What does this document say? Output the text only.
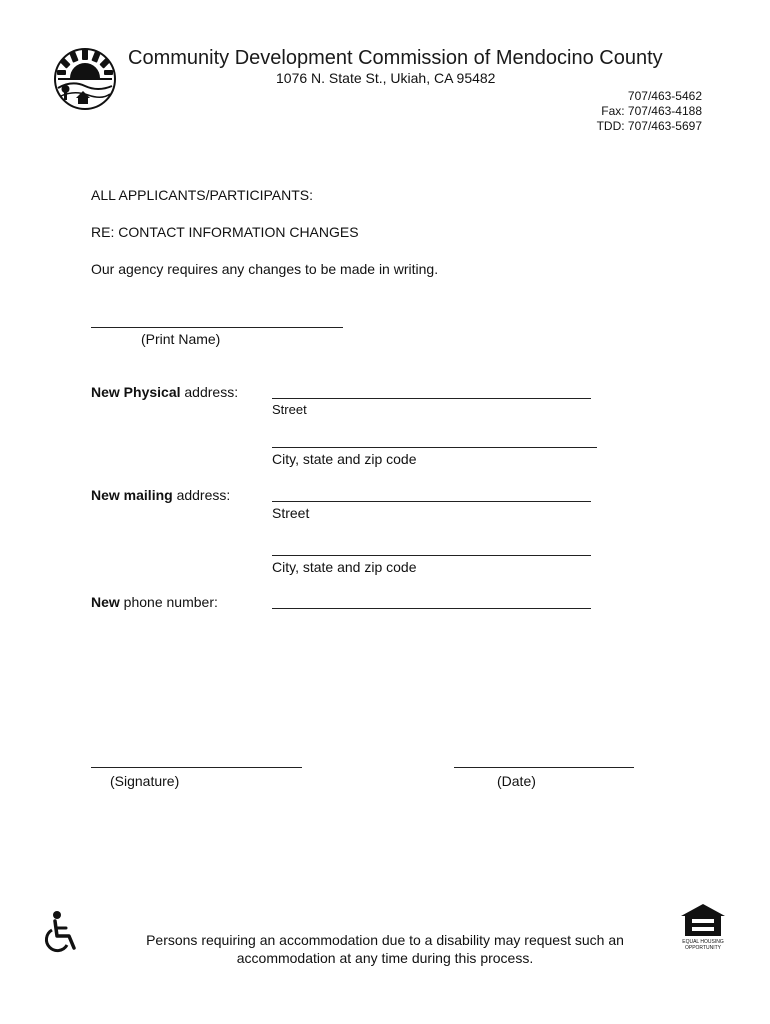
Community Development Commission of Mendocino County
1076 N. State St., Ukiah, CA 95482
707/463-5462
Fax: 707/463-4188
TDD: 707/463-5697
ALL APPLICANTS/PARTICIPANTS:
RE: CONTACT INFORMATION CHANGES
Our agency requires any changes to be made in writing.
(Print Name)
New Physical address:
Street
City, state and zip code
New mailing address:
Street
City, state and zip code
New phone number:
(Signature)	(Date)
Persons requiring an accommodation due to a disability may request such an
accommodation at any time during this process.
EQUAL HOUSING
OPPORTUNITY
